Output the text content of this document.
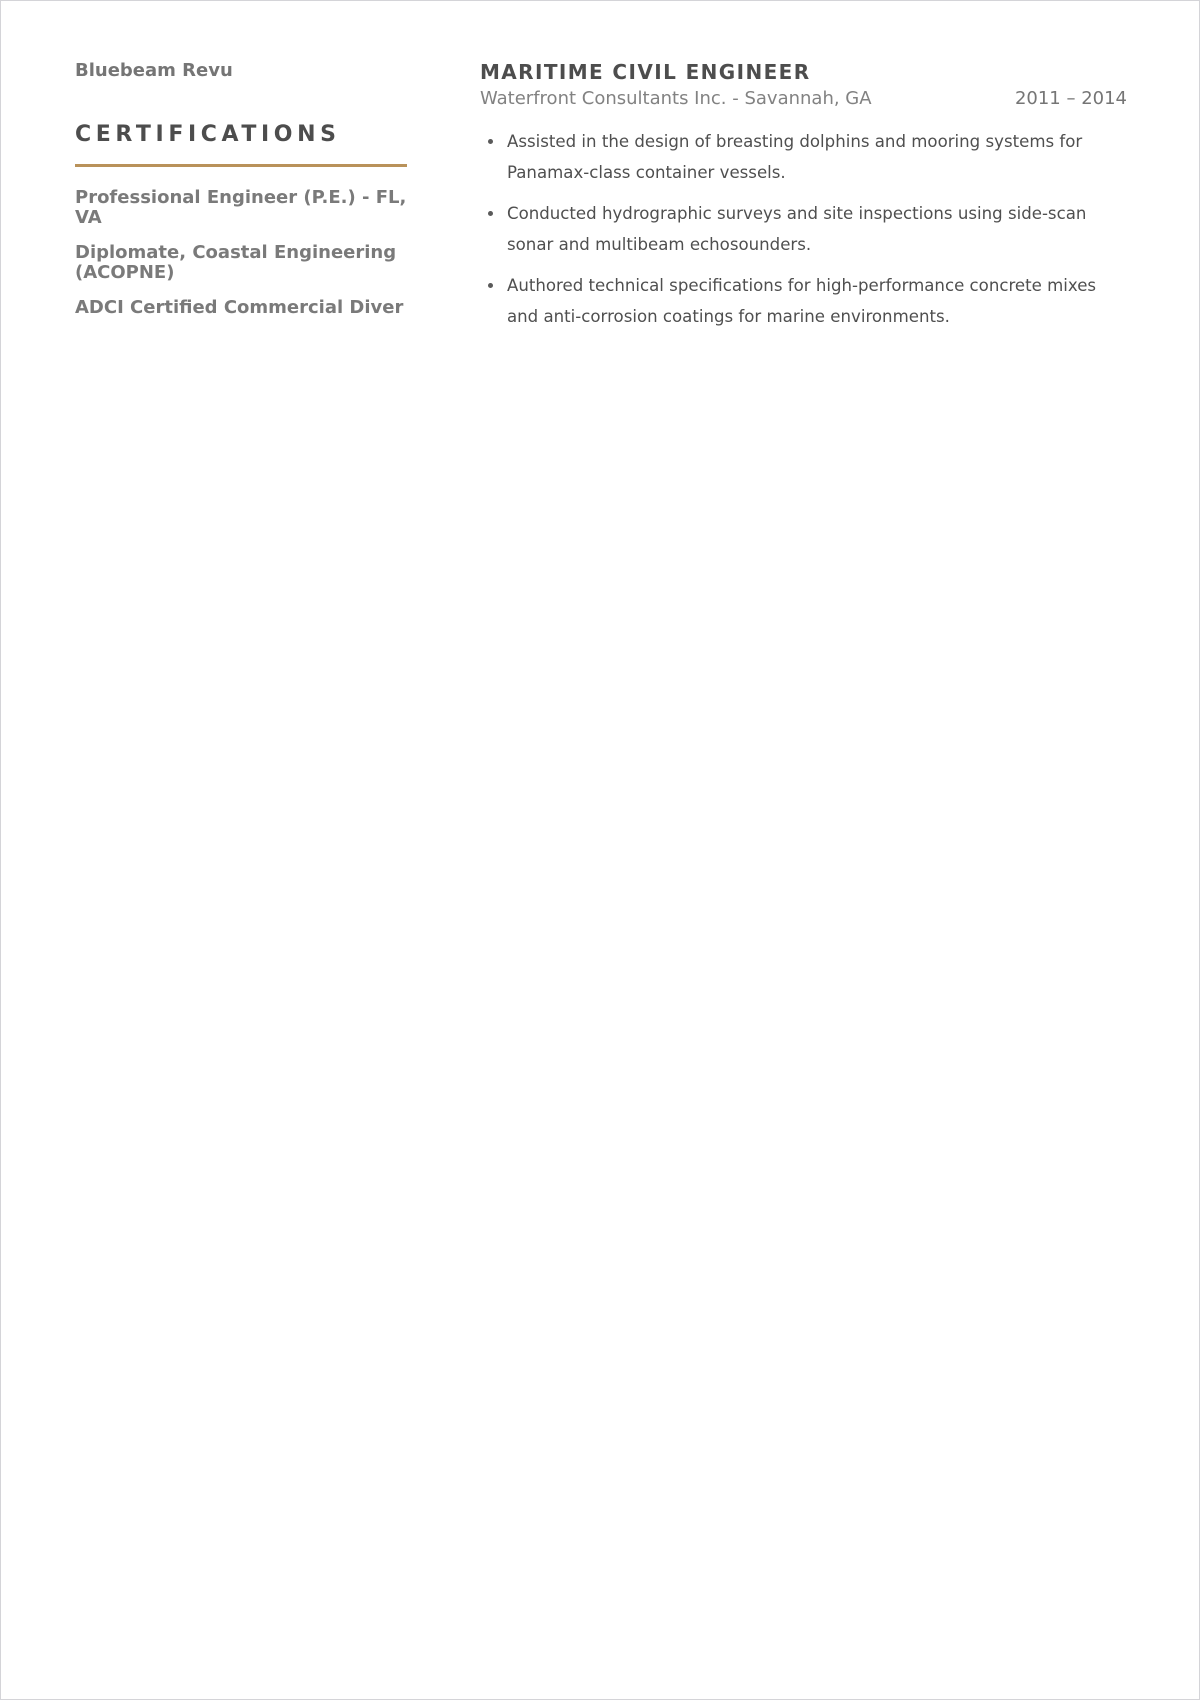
Bluebeam Revu
CERTIFICATIONS
Professional Engineer (P.E.) - FL, VA
Diplomate, Coastal Engineering (ACOPNE)
ADCI Certified Commercial Diver
MARITIME CIVIL ENGINEER
Waterfront Consultants Inc. - Savannah, GA	2011 – 2014
Assisted in the design of breasting dolphins and mooring systems for Panamax-class container vessels.
Conducted hydrographic surveys and site inspections using side-scan sonar and multibeam echosounders.
Authored technical specifications for high-performance concrete mixes and anti-corrosion coatings for marine environments.
